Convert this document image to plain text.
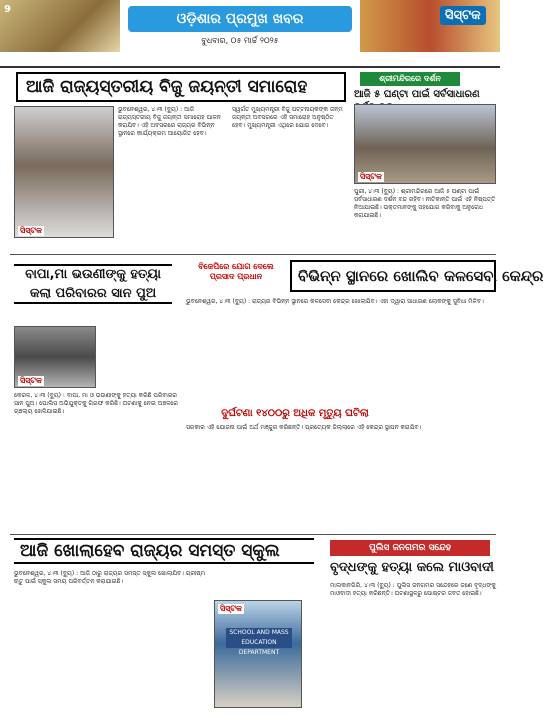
9
ଓଡ଼ିଶାର ପ୍ରମୁଖ ଖବର
ବୁଧବାର, ୦୫ ମାର୍ଚ୍ଚ ୨୦୨୫
ସିସ୍ଟକ
ଆଜି ରାଜ୍ୟସ୍ତରୀୟ ବିଜୁ ଜୟନ୍ତୀ ସମାରୋହ
ସିସ୍ଟକ

ଭୁବନେଶ୍ୱର, ୪।୩ (ବ୍ୟୁ) : ଆଜି ରାଜ୍ୟସ୍ତରୀୟ ବିଜୁ ଜୟନ୍ତୀ ସମାରୋହ ପାଳନ କରାଯିବ। ଏହି ଅବସରରେ ରାଜ୍ୟର ବିଭିନ୍ନ ସ୍ଥାନରେ କାର୍ଯ୍ୟକ୍ରମ ଆୟୋଜିତ ହେବ।

ସ୍ୱର୍ଗତ ମୁଖ୍ୟମନ୍ତ୍ରୀ ବିଜୁ ପଟ୍ଟନାୟକଙ୍କ ଜନ୍ମ ଜୟନ୍ତୀ ଅବସରରେ ଏହି ସମାରୋହ ଅନୁଷ୍ଠିତ ହେବ। ମୁଖ୍ୟମନ୍ତ୍ରୀ ଏଥିରେ ଯୋଗ ଦେବେ।

ଶ୍ରୀମନ୍ଦିରରେ ଦର୍ଶନ
ଆଜି ୫ ଘଣ୍ଟା ପାଇଁ ସର୍ବସାଧାରଣ
ସିସ୍ଟକ

ପୁରୀ, ୪।୩ (ବ୍ୟୁ) : ଶ୍ରୀମନ୍ଦିରରେ ଆଜି ୫ ଘଣ୍ଟା ପାଇଁ ସର୍ବସାଧାରଣ ଦର୍ଶନ ବନ୍ଦ ରହିବ। ନୀତିକାନ୍ତି ପାଇଁ ଏହି ନିଷ୍ପତ୍ତି ନିଆଯାଇଛି। ଭକ୍ତମାନଙ୍କୁ ସହଯୋଗ କରିବାକୁ ଅନୁରୋଧ କରାଯାଇଛି।

ବାପା,ମା ଭଉଣୀଙ୍କୁ ହତ୍ୟା
କଲା ପରିବାରର ସାନ ପୁଅ
ସିସ୍ଟକ

କେରଳ, ୪।୩ (ବ୍ୟୁ) : ବାପା, ମା ଓ ଭଉଣୀଙ୍କୁ ହତ୍ୟା କରିଛି ପରିବାରର ସାନ ପୁଅ। ପୋଲିସ ଅଭିଯୁକ୍ତକୁ ଗିରଫ କରିଛି। ଘଟଣାକୁ ନେଇ ଅଞ୍ଚଳରେ ଚାଞ୍ଚଲ୍ୟ ଖେଳିଯାଇଛି।

ବିଜେପିରେ ଯୋଗ ଦେଲେ ପ୍ରସାଦ ପ୍ରଧାନ	ବିଭିନ୍ନ ସ୍ଥାନରେ ଖୋଲିବ କଳସେବା କେନ୍ଦ୍ର

ଭୁବନେଶ୍ୱର, ୪।୩ (ବ୍ୟୁ) : ରାଜ୍ୟର ବିଭିନ୍ନ ସ୍ଥାନରେ କଳସେବା କେନ୍ଦ୍ର ଖୋଲାଯିବ। ଏହା ଦ୍ୱାରା ସାଧାରଣ ଲୋକଙ୍କୁ ସୁବିଧା ମିଳିବ।

ଦୁର୍ଘଟଣା ୧୪୦୦ରୁ ଅଧିକ ମୃତ୍ୟୁ ଘଟିଲା

ସରକାର ଏହି ଯୋଜନା ପାଇଁ ଅର୍ଥ ମଞ୍ଜୁର କରିଛନ୍ତି। ପ୍ରତ୍ୟେକ ଜିଲ୍ଲାରେ ଏହି କେନ୍ଦ୍ର ସ୍ଥାପନ କରାଯିବ।

ଆଜି ଖୋଲାହେବ ରାଜ୍ୟର ସମସ୍ତ ସ୍କୁଲ

ଭୁବନେଶ୍ୱର, ୪।୩ (ବ୍ୟୁ) : ଆଜି ଠାରୁ ରାଜ୍ୟର ସମସ୍ତ ସ୍କୁଲ ଖୋଲାଯିବ। ଗ୍ରୀଷ୍ମ ଋତୁ ପାଇଁ ସ୍କୁଲ ସମୟ ପରିବର୍ତ୍ତନ କରାଯାଇଛି।

SCHOOL AND MASS EDUCATION DEPARTMENT
ସିସ୍ଟକ
ପୁଲିସ ଜନଗମର ସନ୍ଦେହ
ବୃଦ୍ଧଙ୍କୁ ହତ୍ୟା କଲେ ମାଓବାଦୀ

ମାଲକାନଗିରି, ୪।୩ (ବ୍ୟୁ) : ପୁଲିସ ଜନଗମର ସନ୍ଦେହରେ ଜଣେ ବୃଦ୍ଧଙ୍କୁ ମାଓବାଦୀ ହତ୍ୟା କରିଛନ୍ତି। ଘଟଣାସ୍ଥଳରୁ ପୋଷ୍ଟର ଜବତ ହୋଇଛି।
